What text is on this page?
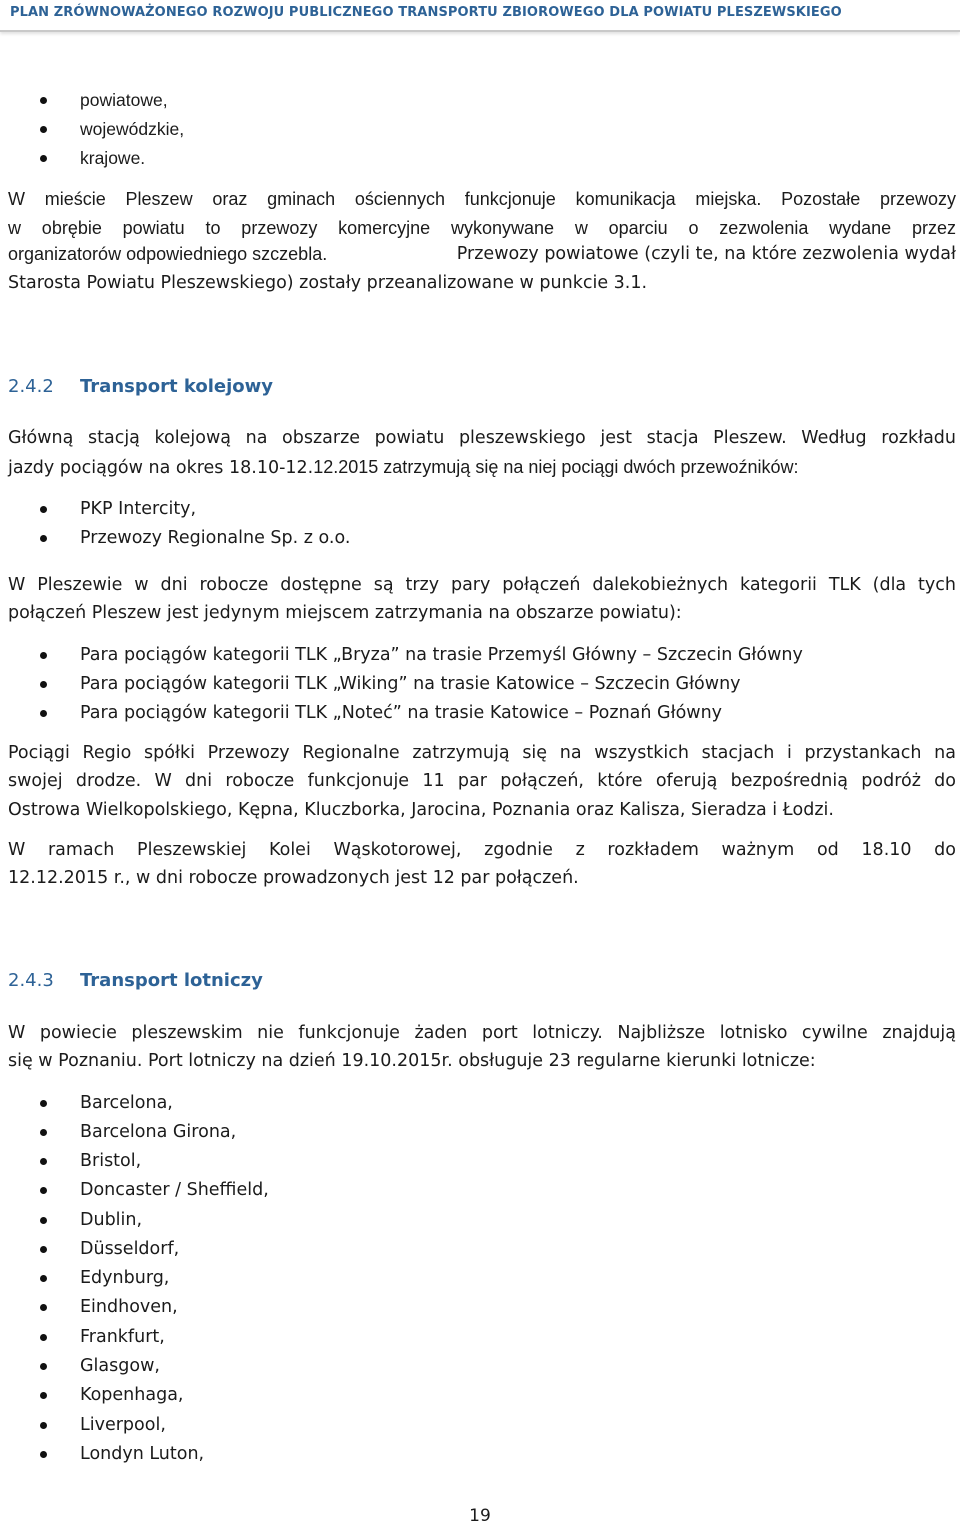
PLAN ZRÓWNOWAŻONEGO ROZWOJU PUBLICZNEGO TRANSPORTU ZBIOROWEGO DLA POWIATU PLESZEWSKIEGO
powiatowe,
wojewódzkie,
krajowe.
W mieście Pleszew oraz gminach ościennych funkcjonuje komunikacja miejska. Pozostałe przewozy
w obrębie powiatu to przewozy komercyjne wykonywane w oparciu o zezwolenia wydane przez
organizatorów odpowiedniego szczebla.	Przewozy powiatowe (czyli te, na które zezwolenia wydał
Starosta Powiatu Pleszewskiego) zostały przeanalizowane w punkcie 3.1.
2.4.2 Transport kolejowy
Główną stacją kolejową na obszarze powiatu pleszewskiego jest stacja Pleszew. Według rozkładu
jazdy pociągów na okres 18.10-12.12.2015 zatrzymują się na niej pociągi dwóch przewoźników:
PKP Intercity,
Przewozy Regionalne Sp. z o.o.
W Pleszewie w dni robocze dostępne są trzy pary połączeń dalekobieżnych kategorii TLK (dla tych
połączeń Pleszew jest jedynym miejscem zatrzymania na obszarze powiatu):
Para pociągów kategorii TLK „Bryza” na trasie Przemyśl Główny – Szczecin Główny
Para pociągów kategorii TLK „Wiking” na trasie Katowice – Szczecin Główny
Para pociągów kategorii TLK „Noteć” na trasie Katowice – Poznań Główny
Pociągi Regio spółki Przewozy Regionalne zatrzymują się na wszystkich stacjach i przystankach na
swojej drodze. W dni robocze funkcjonuje 11 par połączeń, które oferują bezpośrednią podróż do
Ostrowa Wielkopolskiego, Kępna, Kluczborka, Jarocina, Poznania oraz Kalisza, Sieradza i Łodzi.
W ramach Pleszewskiej Kolei Wąskotorowej, zgodnie z rozkładem ważnym od 18.10 do
12.12.2015 r., w dni robocze prowadzonych jest 12 par połączeń.
2.4.3 Transport lotniczy
W powiecie pleszewskim nie funkcjonuje żaden port lotniczy. Najbliższe lotnisko cywilne znajdują
się w Poznaniu. Port lotniczy na dzień 19.10.2015r. obsługuje 23 regularne kierunki lotnicze:
Barcelona,
Barcelona Girona,
Bristol,
Doncaster / Sheffield,
Dublin,
Düsseldorf,
Edynburg,
Eindhoven,
Frankfurt,
Glasgow,
Kopenhaga,
Liverpool,
Londyn Luton,
19
